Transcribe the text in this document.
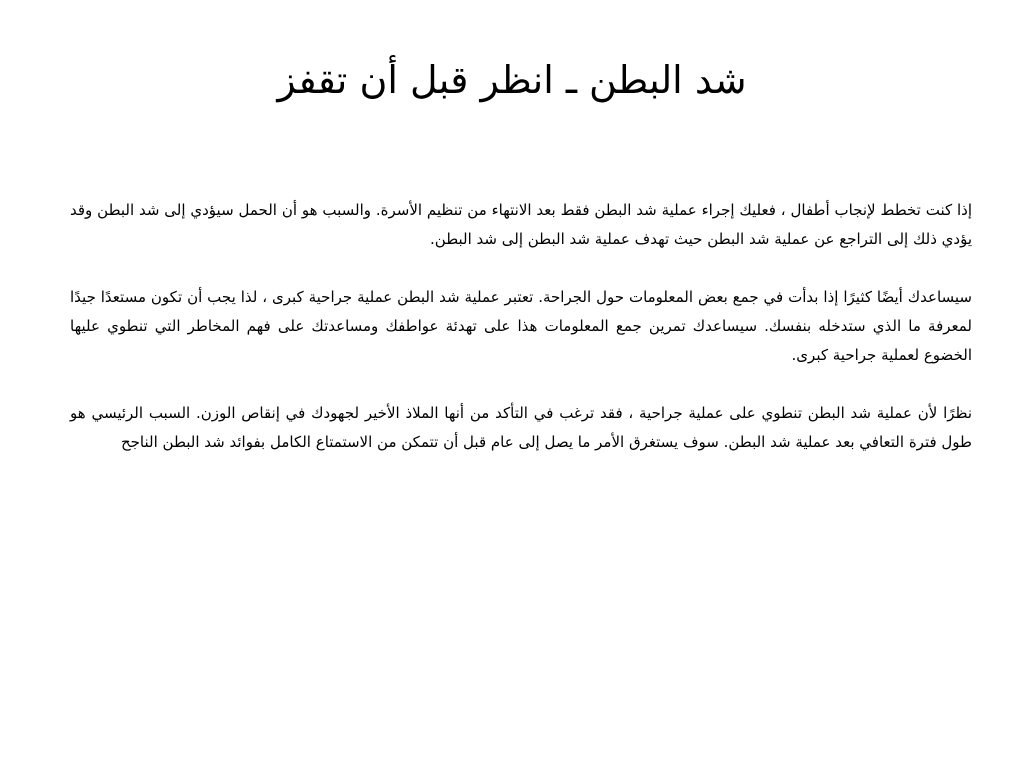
شد البطن ـ انظر قبل أن تقفز

إذا كنت تخطط لإنجاب أطفال ، فعليك إجراء عملية شد البطن فقط بعد الانتهاء من تنظيم الأسرة. والسبب هو أن الحمل سيؤدي إلى شد البطن وقد يؤدي ذلك إلى التراجع عن عملية شد البطن حيث تهدف عملية شد البطن إلى شد البطن.

سيساعدك أيضًا كثيرًا إذا بدأت في جمع بعض المعلومات حول الجراحة. تعتبر عملية شد البطن عملية جراحية كبرى ، لذا يجب أن تكون مستعدًا جيدًا لمعرفة ما الذي ستدخله بنفسك. سيساعدك تمرين جمع المعلومات هذا على تهدئة عواطفك ومساعدتك على فهم المخاطر التي تنطوي عليها الخضوع لعملية جراحية كبرى.

نظرًا لأن عملية شد البطن تنطوي على عملية جراحية ، فقد ترغب في التأكد من أنها الملاذ الأخير لجهودك في إنقاص الوزن. السبب الرئيسي هو طول فترة التعافي بعد عملية شد البطن. سوف يستغرق الأمر ما يصل إلى عام قبل أن تتمكن من الاستمتاع الكامل بفوائد شد البطن الناجح
